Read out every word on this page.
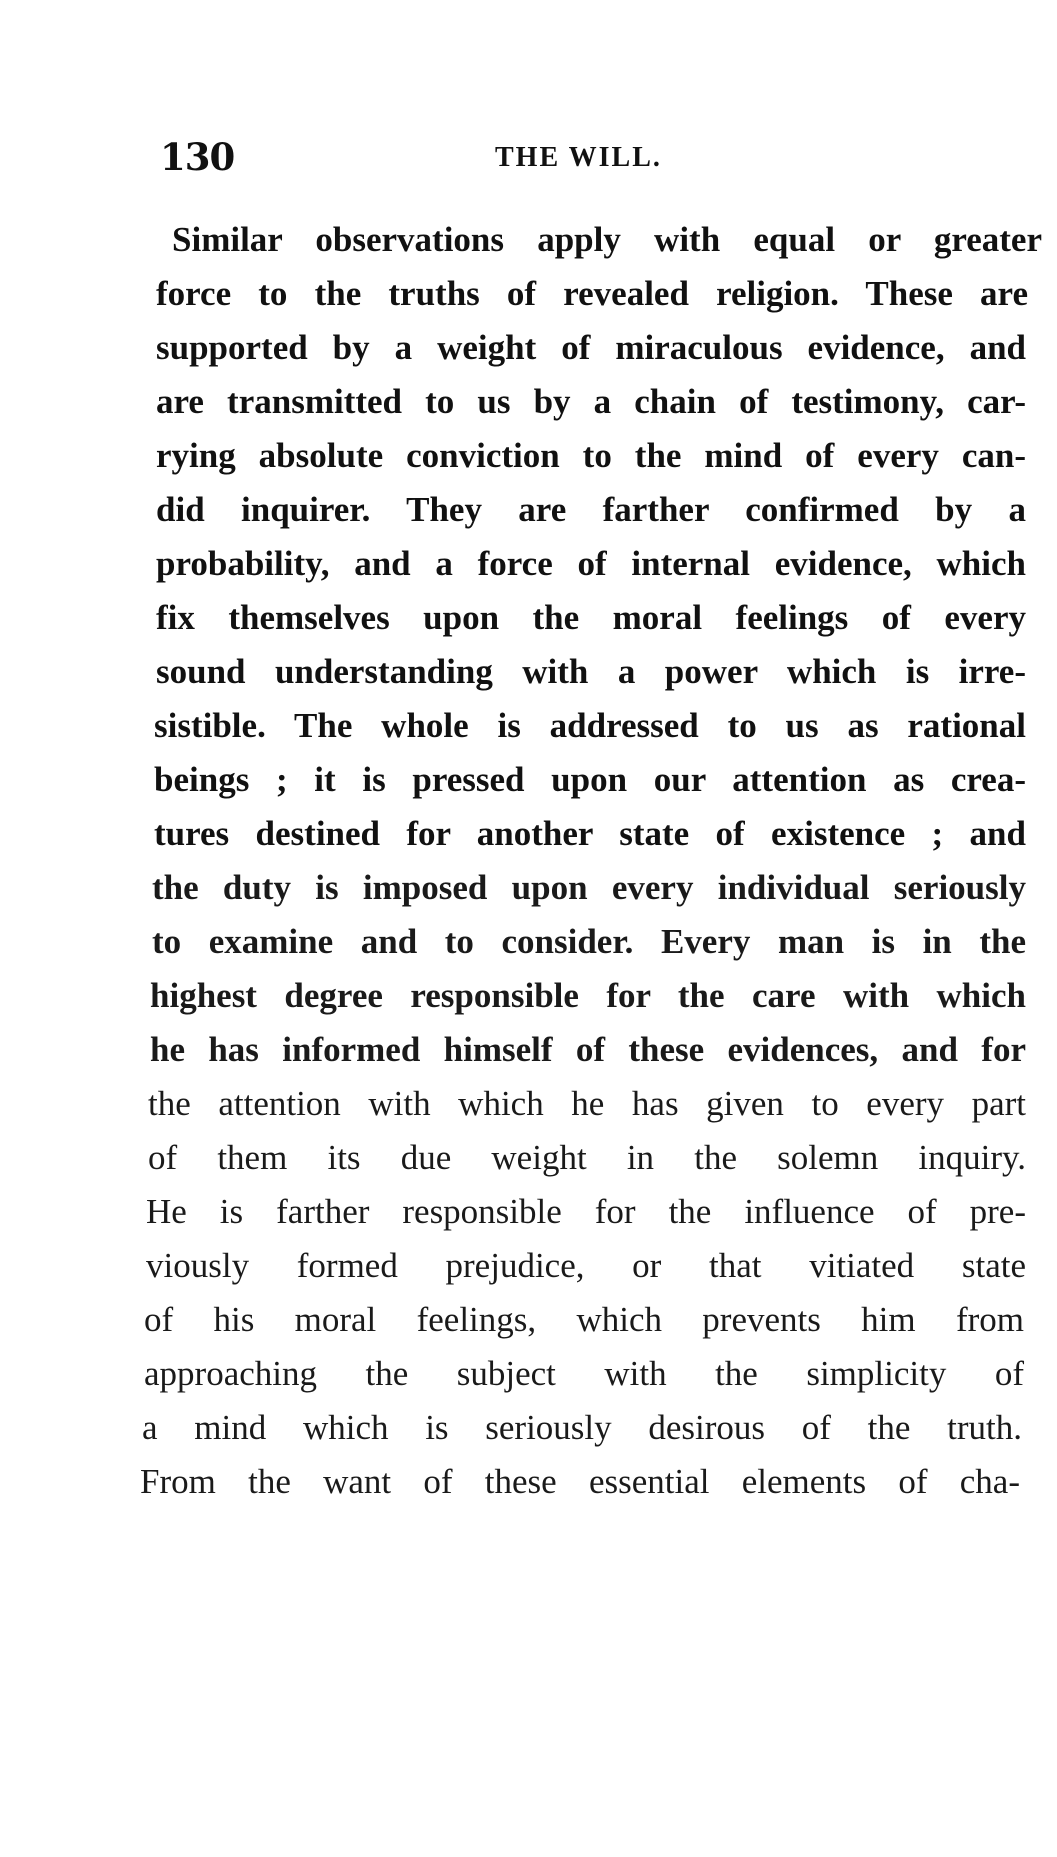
130	THE WILL.
Similar observations apply with equal or greater
force to the truths of revealed religion. These are
supported by a weight of miraculous evidence, and
are transmitted to us by a chain of testimony, car-
rying absolute conviction to the mind of every can-
did inquirer. They are farther confirmed by a
probability, and a force of internal evidence, which
fix themselves upon the moral feelings of every
sound understanding with a power which is irre-
sistible. The whole is addressed to us as rational
beings ; it is pressed upon our attention as crea-
tures destined for another state of existence ; and
the duty is imposed upon every individual seriously
to examine and to consider. Every man is in the
highest degree responsible for the care with which
he has informed himself of these evidences, and for
the attention with which he has given to every part
of them its due weight in the solemn inquiry.
He is farther responsible for the influence of pre-
viously formed prejudice, or that vitiated state
of his moral feelings, which prevents him from
approaching the subject with the simplicity of
a mind which is seriously desirous of the truth.
From the want of these essential elements of cha-
